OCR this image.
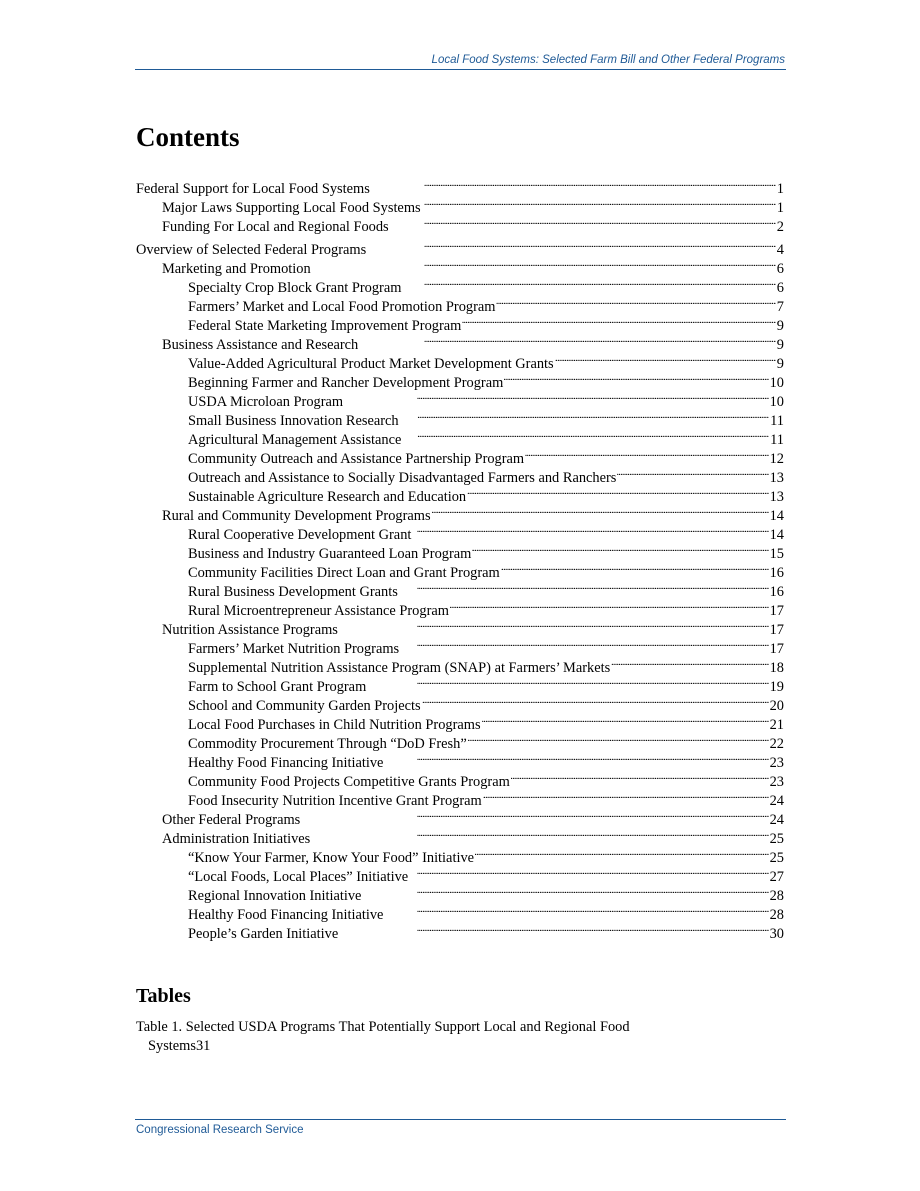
Local Food Systems: Selected Farm Bill and Other Federal Programs
Contents
Federal Support for Local Food Systems . . .	1
Major Laws Supporting Local Food Systems . . .	1
Funding For Local and Regional Foods . . .	2
Overview of Selected Federal Programs . . .	4
Marketing and Promotion . . .	6
Specialty Crop Block Grant Program . . .	6
Farmers’ Market and Local Food Promotion Program . . .	7
Federal State Marketing Improvement Program . . .	9
Business Assistance and Research . . .	9
Value-Added Agricultural Product Market Development Grants . . .	9
Beginning Farmer and Rancher Development Program . . .	10
USDA Microloan Program . . .	10
Small Business Innovation Research . . .	11
Agricultural Management Assistance . . .	11
Community Outreach and Assistance Partnership Program . . .	12
Outreach and Assistance to Socially Disadvantaged Farmers and Ranchers . . .	13
Sustainable Agriculture Research and Education . . .	13
Rural and Community Development Programs . . .	14
Rural Cooperative Development Grant . . .	14
Business and Industry Guaranteed Loan Program . . .	15
Community Facilities Direct Loan and Grant Program . . .	16
Rural Business Development Grants . . .	16
Rural Microentrepreneur Assistance Program . . .	17
Nutrition Assistance Programs . . .	17
Farmers’ Market Nutrition Programs . . .	17
Supplemental Nutrition Assistance Program (SNAP) at Farmers’ Markets . . .	18
Farm to School Grant Program . . .	19
School and Community Garden Projects . . .	20
Local Food Purchases in Child Nutrition Programs . . .	21
Commodity Procurement Through “DoD Fresh” . . .	22
Healthy Food Financing Initiative . . .	23
Community Food Projects Competitive Grants Program . . .	23
Food Insecurity Nutrition Incentive Grant Program . . .	24
Other Federal Programs . . .	24
Administration Initiatives . . .	25
“Know Your Farmer, Know Your Food” Initiative . . .	25
“Local Foods, Local Places” Initiative . . .	27
Regional Innovation Initiative . . .	28
Healthy Food Financing Initiative . . .	28
People’s Garden Initiative . . .	30
Tables
Table 1. Selected USDA Programs That Potentially Support Local and Regional Food
Systems 31
Congressional Research Service
